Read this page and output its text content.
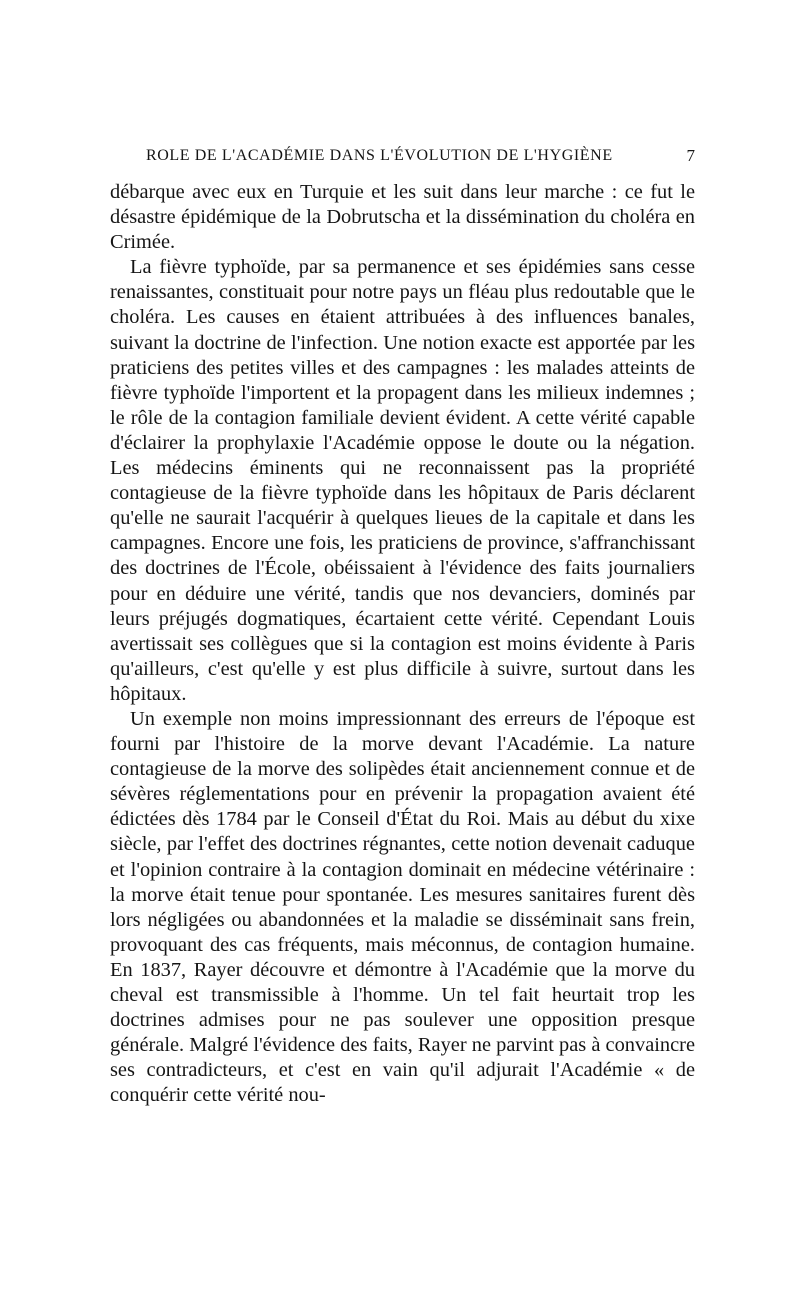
ROLE DE L'ACADÉMIE DANS L'ÉVOLUTION DE L'HYGIÈNE	7

débarque avec eux en Turquie et les suit dans leur marche : ce fut le désastre épidémique de la Dobrutscha et la dissémination du choléra en Crimée.

La fièvre typhoïde, par sa permanence et ses épidémies sans cesse renaissantes, constituait pour notre pays un fléau plus redoutable que le choléra. Les causes en étaient attribuées à des influences banales, suivant la doctrine de l'infection. Une notion exacte est apportée par les praticiens des petites villes et des campagnes : les malades atteints de fièvre typhoïde l'importent et la propagent dans les milieux indemnes ; le rôle de la contagion familiale devient évident. A cette vérité capable d'éclairer la prophylaxie l'Académie oppose le doute ou la négation. Les médecins éminents qui ne reconnaissent pas la propriété contagieuse de la fièvre typhoïde dans les hôpitaux de Paris déclarent qu'elle ne saurait l'acquérir à quelques lieues de la capitale et dans les campagnes. Encore une fois, les praticiens de province, s'affranchissant des doctrines de l'École, obéissaient à l'évidence des faits journaliers pour en déduire une vérité, tandis que nos devanciers, dominés par leurs préjugés dogmatiques, écartaient cette vérité. Cependant Louis avertissait ses collègues que si la contagion est moins évidente à Paris qu'ailleurs, c'est qu'elle y est plus difficile à suivre, surtout dans les hôpitaux.

Un exemple non moins impressionnant des erreurs de l'époque est fourni par l'histoire de la morve devant l'Académie. La nature contagieuse de la morve des solipèdes était anciennement connue et de sévères réglementations pour en prévenir la propagation avaient été édictées dès 1784 par le Conseil d'État du Roi. Mais au début du xixe siècle, par l'effet des doctrines régnantes, cette notion devenait caduque et l'opinion contraire à la contagion dominait en médecine vétérinaire : la morve était tenue pour spontanée. Les mesures sanitaires furent dès lors négligées ou abandonnées et la maladie se disséminait sans frein, provoquant des cas fréquents, mais méconnus, de contagion humaine. En 1837, Rayer découvre et démontre à l'Académie que la morve du cheval est transmissible à l'homme. Un tel fait heurtait trop les doctrines admises pour ne pas soulever une opposition presque générale. Malgré l'évidence des faits, Rayer ne parvint pas à convaincre ses contradicteurs, et c'est en vain qu'il adjurait l'Académie « de conquérir cette vérité nou-
